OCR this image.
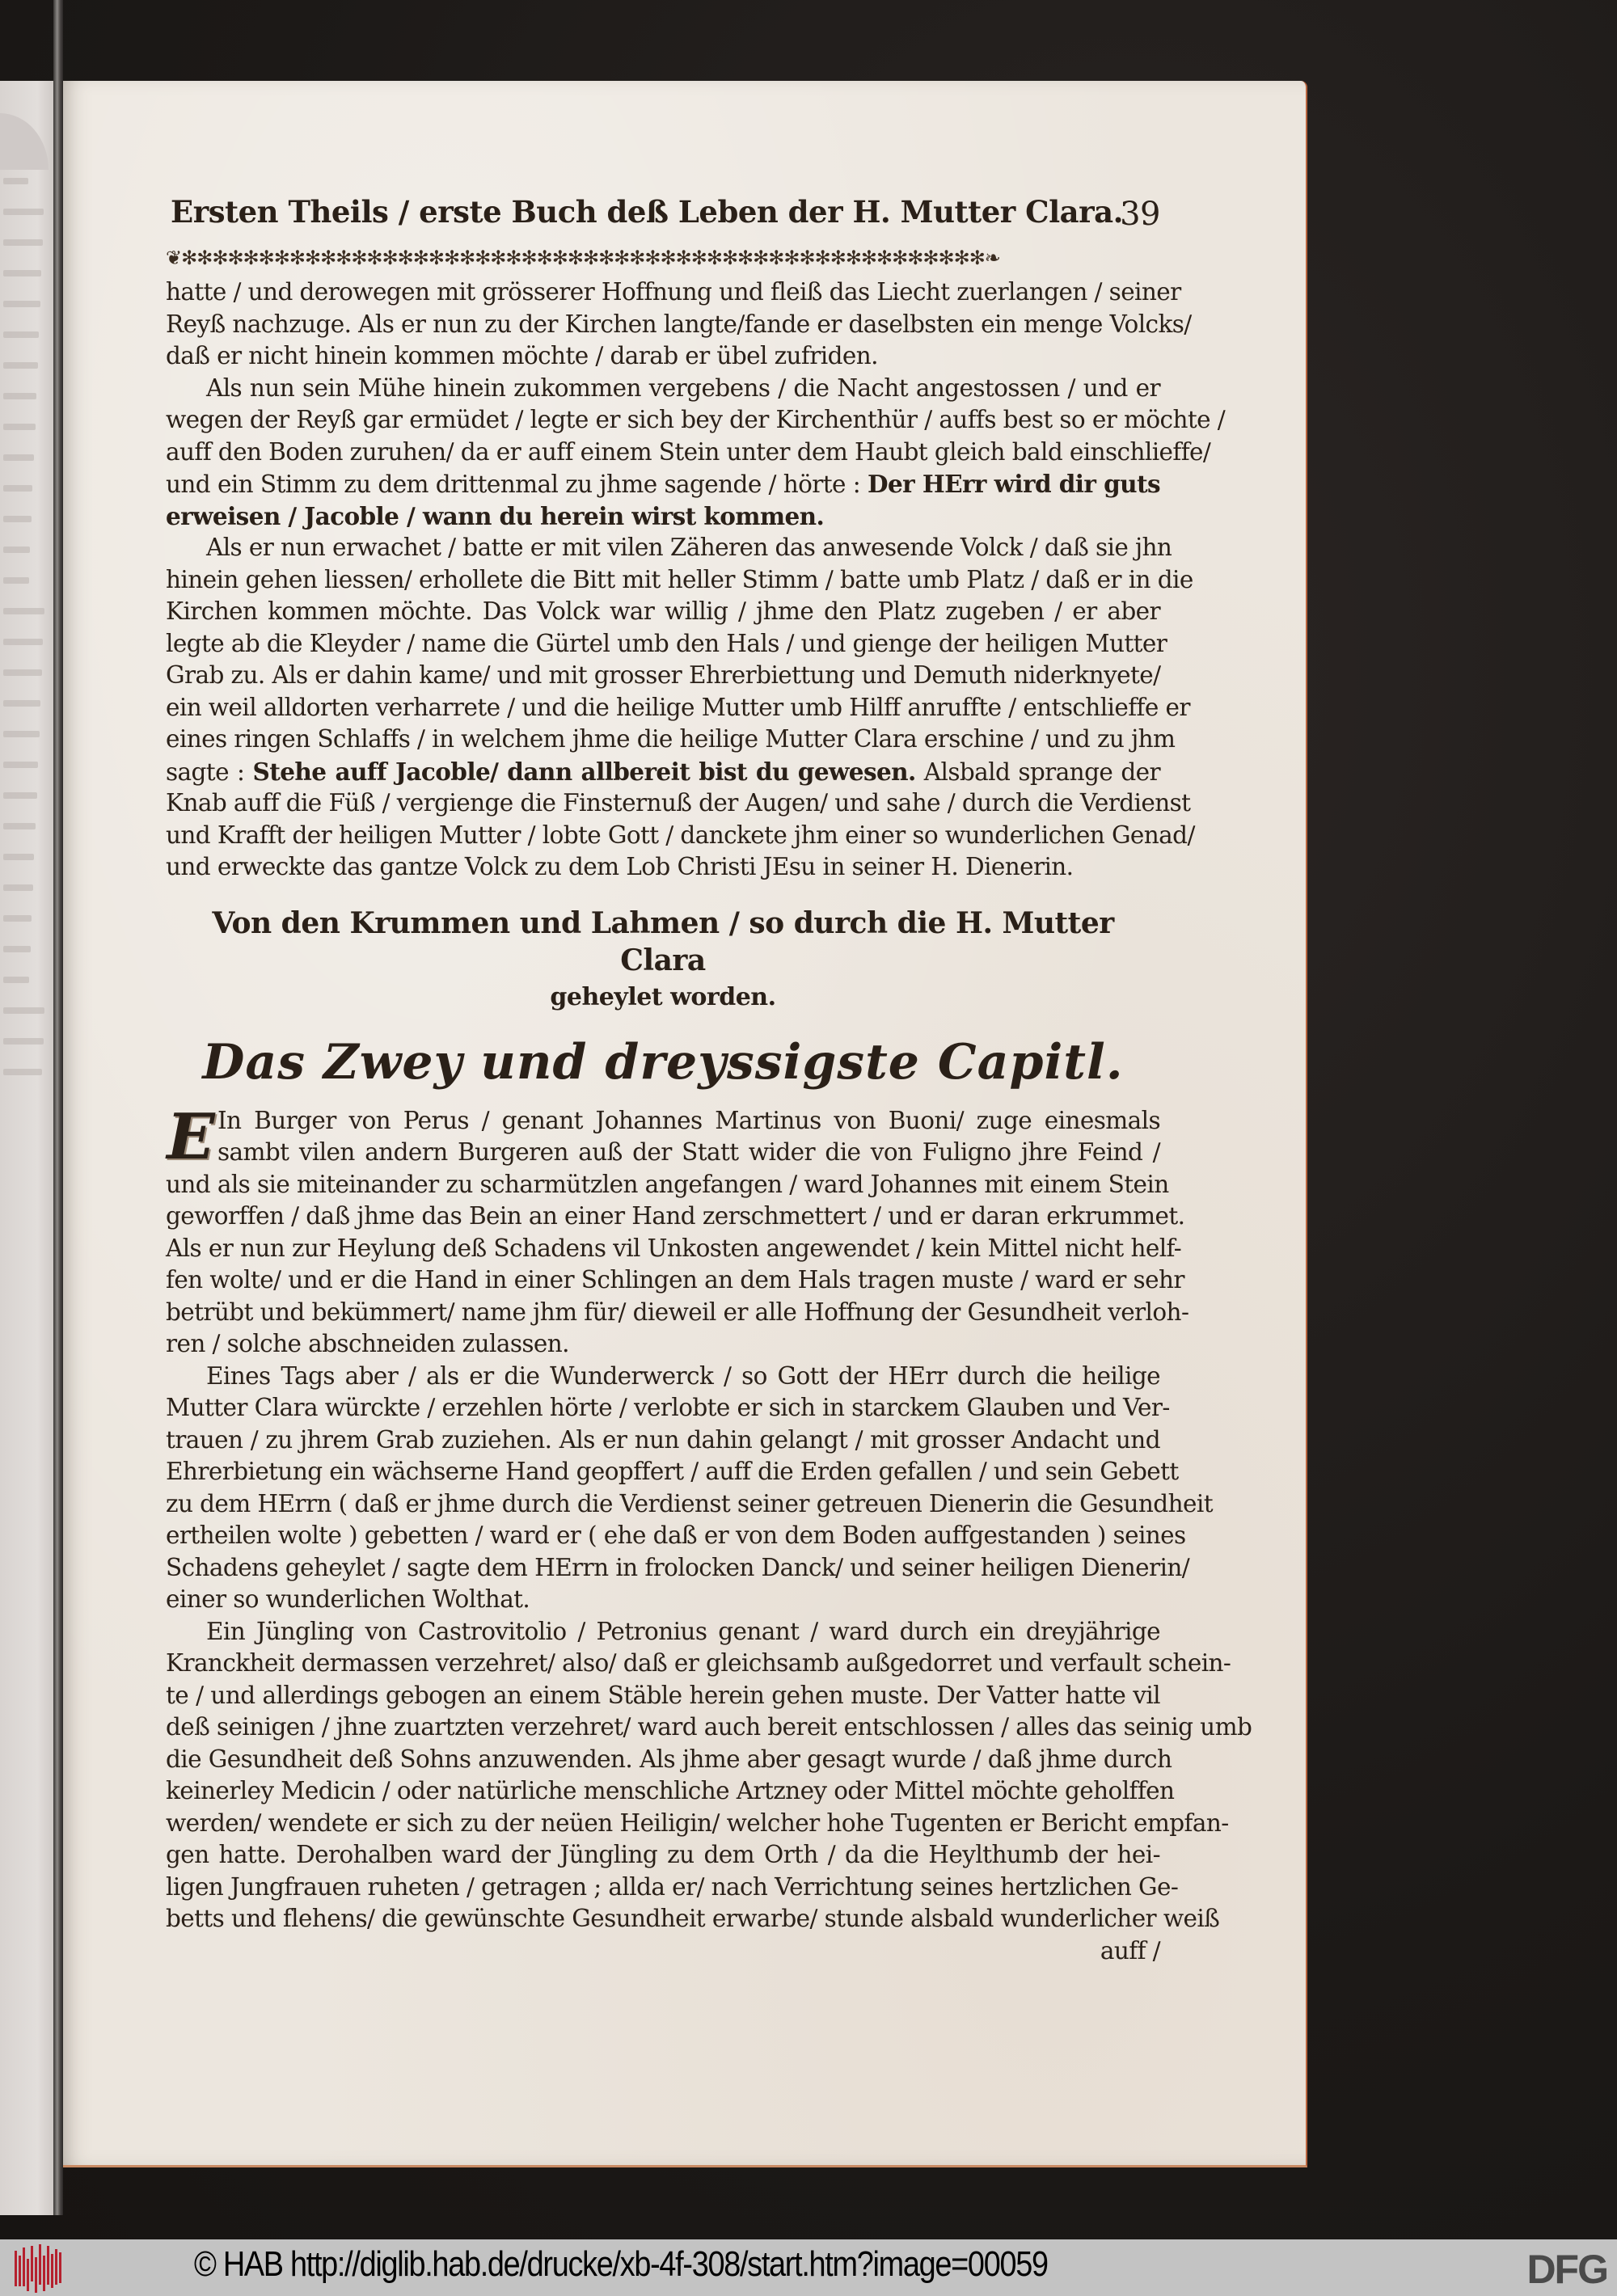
Ersten Theils / erste Buch deß Leben der H. Mutter Clara.
39
❦✻✻✻✻✻✻✻✻✻✻✻✻✻✻✻✻✻✻✻✻✻✻✻✻✻✻✻✻✻✻✻✻✻✻✻✻✻✻✻✻✻✻✻✻✻✻✻✻✻✻✻✻❧
hatte / und derowegen mit grösserer Hoffnung und fleiß das Liecht zuerlangen / seiner
Reyß nachzuge. Als er nun zu der Kirchen langte/fande er daselbsten ein menge Volcks/
daß er nicht hinein kommen möchte / darab er übel zufriden.
Als nun sein Mühe hinein zukommen vergebens / die Nacht angestossen / und er
wegen der Reyß gar ermüdet / legte er sich bey der Kirchenthür / auffs best so er möchte /
auff den Boden zuruhen/ da er auff einem Stein unter dem Haubt gleich bald einschlieffe/
und ein Stimm zu dem drittenmal zu jhme sagende / hörte : Der HErr wird dir guts
erweisen / Jacoble / wann du herein wirst kommen.
Als er nun erwachet / batte er mit vilen Zäheren das anwesende Volck / daß sie jhn
hinein gehen liessen/ erhollete die Bitt mit heller Stimm / batte umb Platz / daß er in die
Kirchen kommen möchte. Das Volck war willig / jhme den Platz zugeben / er aber
legte ab die Kleyder / name die Gürtel umb den Hals / und gienge der heiligen Mutter
Grab zu. Als er dahin kame/ und mit grosser Ehrerbiettung und Demuth niderknyete/
ein weil alldorten verharrete / und die heilige Mutter umb Hilff anruffte / entschlieffe er
eines ringen Schlaffs / in welchem jhme die heilige Mutter Clara erschine / und zu jhm
sagte : Stehe auff Jacoble/ dann allbereit bist du gewesen. Alsbald sprange der
Knab auff die Füß / vergienge die Finsternuß der Augen/ und sahe / durch die Verdienst
und Krafft der heiligen Mutter / lobte Gott / danckete jhm einer so wunderlichen Genad/
und erweckte das gantze Volck zu dem Lob Christi JEsu in seiner H. Dienerin.
Von den Krummen und Lahmen / so durch die H. Mutter Clara
geheylet worden.
Das Zwey und dreyssigste Capitl.
E In Burger von Perus / genant Johannes Martinus von Buoni/ zuge einesmals
sambt vilen andern Burgeren auß der Statt wider die von Fuligno jhre Feind /
und als sie miteinander zu scharmützlen angefangen / ward Johannes mit einem Stein
geworffen / daß jhme das Bein an einer Hand zerschmettert / und er daran erkrummet.
Als er nun zur Heylung deß Schadens vil Unkosten angewendet / kein Mittel nicht helf-
fen wolte/ und er die Hand in einer Schlingen an dem Hals tragen muste / ward er sehr
betrübt und bekümmert/ name jhm für/ dieweil er alle Hoffnung der Gesundheit verloh-
ren / solche abschneiden zulassen.
Eines Tags aber / als er die Wunderwerck / so Gott der HErr durch die heilige
Mutter Clara würckte / erzehlen hörte / verlobte er sich in starckem Glauben und Ver-
trauen / zu jhrem Grab zuziehen. Als er nun dahin gelangt / mit grosser Andacht und
Ehrerbietung ein wächserne Hand geopffert / auff die Erden gefallen / und sein Gebett
zu dem HErrn ( daß er jhme durch die Verdienst seiner getreuen Dienerin die Gesundheit
ertheilen wolte ) gebetten / ward er ( ehe daß er von dem Boden auffgestanden ) seines
Schadens geheylet / sagte dem HErrn in frolocken Danck/ und seiner heiligen Dienerin/
einer so wunderlichen Wolthat.
Ein Jüngling von Castrovitolio / Petronius genant / ward durch ein dreyjährige
Kranckheit dermassen verzehret/ also/ daß er gleichsamb außgedorret und verfault schein-
te / und allerdings gebogen an einem Stäble herein gehen muste. Der Vatter hatte vil
deß seinigen / jhne zuartzten verzehret/ ward auch bereit entschlossen / alles das seinig umb
die Gesundheit deß Sohns anzuwenden. Als jhme aber gesagt wurde / daß jhme durch
keinerley Medicin / oder natürliche menschliche Artzney oder Mittel möchte geholffen
werden/ wendete er sich zu der neüen Heiligin/ welcher hohe Tugenten er Bericht empfan-
gen hatte. Derohalben ward der Jüngling zu dem Orth / da die Heylthumb der hei-
ligen Jungfrauen ruheten / getragen ; allda er/ nach Verrichtung seines hertzlichen Ge-
betts und flehens/ die gewünschte Gesundheit erwarbe/ stunde alsbald wunderlicher weiß
auff /
© HAB http://diglib.hab.de/drucke/xb-4f-308/start.htm?image=00059	DFG
